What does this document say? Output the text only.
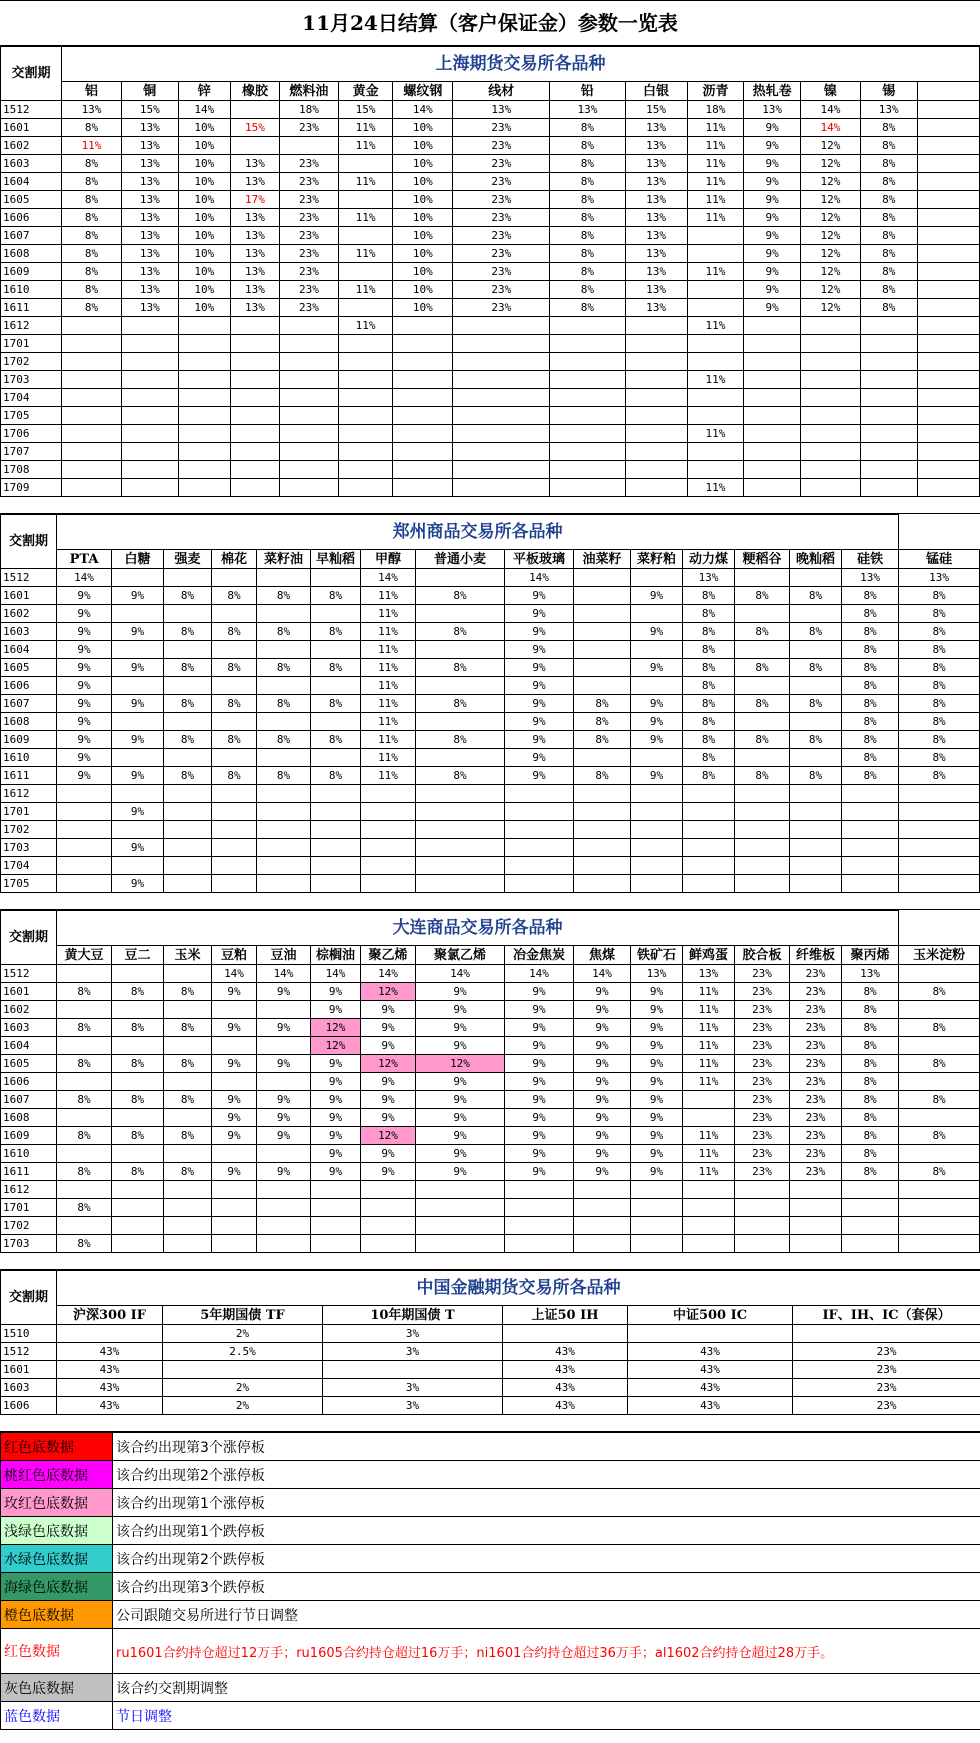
11月24日结算（客户保证金）参数一览表
交割期	上海期货交易所各品种														
	铝	铜	锌	橡胶	燃料油	黄金	螺纹钢	线材	铅	白银	沥青	热轧卷	镍	锡	
1512	13%	15%	14%		18%	15%	14%	13%	13%	15%	18%	13%	14%	13%	
1601	8%	13%	10%	15%	23%	11%	10%	23%	8%	13%	11%	9%	14%	8%	
1602	11%	13%	10%			11%	10%	23%	8%	13%	11%	9%	12%	8%	
1603	8%	13%	10%	13%	23%		10%	23%	8%	13%	11%	9%	12%	8%	
1604	8%	13%	10%	13%	23%	11%	10%	23%	8%	13%	11%	9%	12%	8%	
1605	8%	13%	10%	17%	23%		10%	23%	8%	13%	11%	9%	12%	8%	
1606	8%	13%	10%	13%	23%	11%	10%	23%	8%	13%	11%	9%	12%	8%	
1607	8%	13%	10%	13%	23%		10%	23%	8%	13%		9%	12%	8%	
1608	8%	13%	10%	13%	23%	11%	10%	23%	8%	13%		9%	12%	8%	
1609	8%	13%	10%	13%	23%		10%	23%	8%	13%	11%	9%	12%	8%	
1610	8%	13%	10%	13%	23%	11%	10%	23%	8%	13%		9%	12%	8%	
1611	8%	13%	10%	13%	23%		10%	23%	8%	13%		9%	12%	8%	
1612						11%					11%				
1701															
1702															
1703											11%				
1704															
1705															
1706											11%				
1707															
1708															
1709											11%				
交割期	郑州商品交易所各品种															
	PTA	白糖	强麦	棉花	菜籽油	早籼稻	甲醇	普通小麦	平板玻璃	油菜籽	菜籽粕	动力煤	粳稻谷	晚籼稻	硅铁	锰硅
1512	14%						14%		14%			13%			13%	13%
1601	9%	9%	8%	8%	8%	8%	11%	8%	9%		9%	8%	8%	8%	8%	8%
1602	9%						11%		9%			8%			8%	8%
1603	9%	9%	8%	8%	8%	8%	11%	8%	9%		9%	8%	8%	8%	8%	8%
1604	9%						11%		9%			8%			8%	8%
1605	9%	9%	8%	8%	8%	8%	11%	8%	9%		9%	8%	8%	8%	8%	8%
1606	9%						11%		9%			8%			8%	8%
1607	9%	9%	8%	8%	8%	8%	11%	8%	9%	8%	9%	8%	8%	8%	8%	8%
1608	9%						11%		9%	8%	9%	8%			8%	8%
1609	9%	9%	8%	8%	8%	8%	11%	8%	9%	8%	9%	8%	8%	8%	8%	8%
1610	9%						11%		9%			8%			8%	8%
1611	9%	9%	8%	8%	8%	8%	11%	8%	9%	8%	9%	8%	8%	8%	8%	8%
1612																
1701		9%														
1702																
1703		9%														
1704																
1705		9%														
交割期	大连商品交易所各品种															
	黄大豆	豆二	玉米	豆粕	豆油	棕榈油	聚乙烯	聚氯乙烯	冶金焦炭	焦煤	铁矿石	鲜鸡蛋	胶合板	纤维板	聚丙烯	玉米淀粉
1512				14%	14%	14%	14%	14%	14%	14%	13%	13%	23%	23%	13%	
1601	8%	8%	8%	9%	9%	9%	12%	9%	9%	9%	9%	11%	23%	23%	8%	8%
1602						9%	9%	9%	9%	9%	9%	11%	23%	23%	8%	
1603	8%	8%	8%	9%	9%	12%	9%	9%	9%	9%	9%	11%	23%	23%	8%	8%
1604						12%	9%	9%	9%	9%	9%	11%	23%	23%	8%	
1605	8%	8%	8%	9%	9%	9%	12%	12%	9%	9%	9%	11%	23%	23%	8%	8%
1606						9%	9%	9%	9%	9%	9%	11%	23%	23%	8%	
1607	8%	8%	8%	9%	9%	9%	9%	9%	9%	9%	9%		23%	23%	8%	8%
1608				9%	9%	9%	9%	9%	9%	9%	9%		23%	23%	8%	
1609	8%	8%	8%	9%	9%	9%	12%	9%	9%	9%	9%	11%	23%	23%	8%	8%
1610						9%	9%	9%	9%	9%	9%	11%	23%	23%	8%	
1611	8%	8%	8%	9%	9%	9%	9%	9%	9%	9%	9%	11%	23%	23%	8%	8%
1612																
1701	8%															
1702																
1703	8%															
交割期	中国金融期货交易所各品种					
	沪深300 IF	5年期国债 TF	10年期国债 T	上证50 IH	中证500 IC	IF、IH、IC（套保）
1510		2%	3%			
1512	43%	2.5%	3%	43%	43%	23%
1601	43%			43%	43%	23%
1603	43%	2%	3%	43%	43%	23%
1606	43%	2%	3%	43%	43%	23%
红色底数据	该合约出现第3个涨停板
桃红色底数据	该合约出现第2个涨停板
玫红色底数据	该合约出现第1个涨停板
浅绿色底数据	该合约出现第1个跌停板
水绿色底数据	该合约出现第2个跌停板
海绿色底数据	该合约出现第3个跌停板
橙色底数据	公司跟随交易所进行节日调整
红色数据	ru1601合约持仓超过12万手；ru1605合约持仓超过16万手；ni1601合约持仓超过36万手；al1602合约持仓超过28万手。
灰色底数据	该合约交割期调整
蓝色数据	节日调整
